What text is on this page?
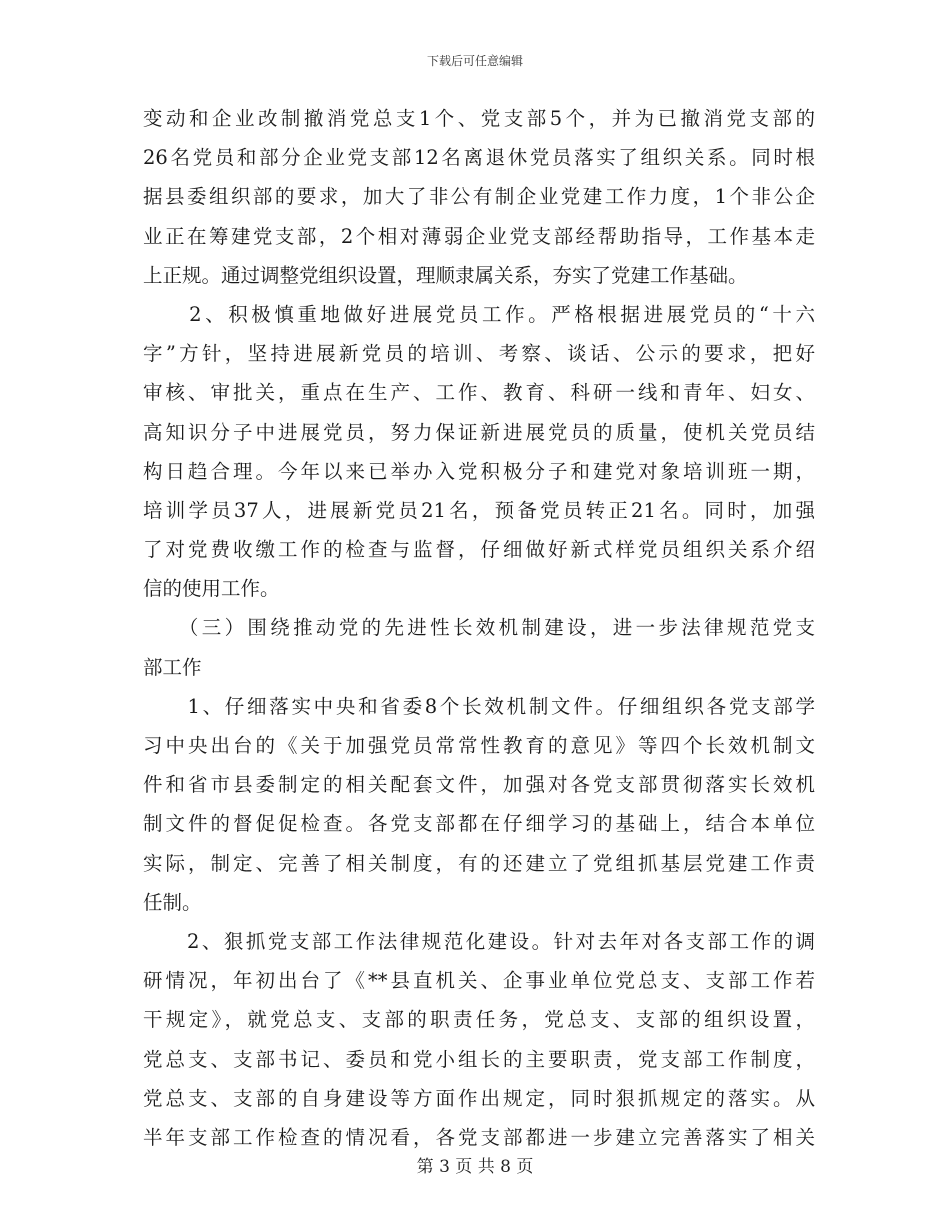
下载后可任意编辑
变动和企业改制撤消党总支1个、党支部5个，并为已撤消党支部的
26名党员和部分企业党支部12名离退休党员落实了组织关系。同时根
据县委组织部的要求，加大了非公有制企业党建工作力度，1个非公企
业正在筹建党支部，2个相对薄弱企业党支部经帮助指导，工作基本走
上正规。通过调整党组织设置，理顺隶属关系，夯实了党建工作基础。
　　2、积极慎重地做好进展党员工作。严格根据进展党员的“十六
字”方针，坚持进展新党员的培训、考察、谈话、公示的要求，把好
审核、审批关，重点在生产、工作、教育、科研一线和青年、妇女、
高知识分子中进展党员，努力保证新进展党员的质量，使机关党员结
构日趋合理。今年以来已举办入党积极分子和建党对象培训班一期，
培训学员37人，进展新党员21名，预备党员转正21名。同时，加强
了对党费收缴工作的检查与监督，仔细做好新式样党员组织关系介绍
信的使用工作。
　　（三）围绕推动党的先进性长效机制建设，进一步法律规范党支
部工作
　　1、仔细落实中央和省委8个长效机制文件。仔细组织各党支部学
习中央出台的《关于加强党员常常性教育的意见》等四个长效机制文
件和省市县委制定的相关配套文件，加强对各党支部贯彻落实长效机
制文件的督促促检查。各党支部都在仔细学习的基础上，结合本单位
实际，制定、完善了相关制度，有的还建立了党组抓基层党建工作责
任制。
　　2、狠抓党支部工作法律规范化建设。针对去年对各支部工作的调
研情况，年初出台了《**县直机关、企事业单位党总支、支部工作若
干规定》，就党总支、支部的职责任务，党总支、支部的组织设置，
党总支、支部书记、委员和党小组长的主要职责，党支部工作制度，
党总支、支部的自身建设等方面作出规定，同时狠抓规定的落实。从
半年支部工作检查的情况看，各党支部都进一步建立完善落实了相关
第 3 页 共 8 页
